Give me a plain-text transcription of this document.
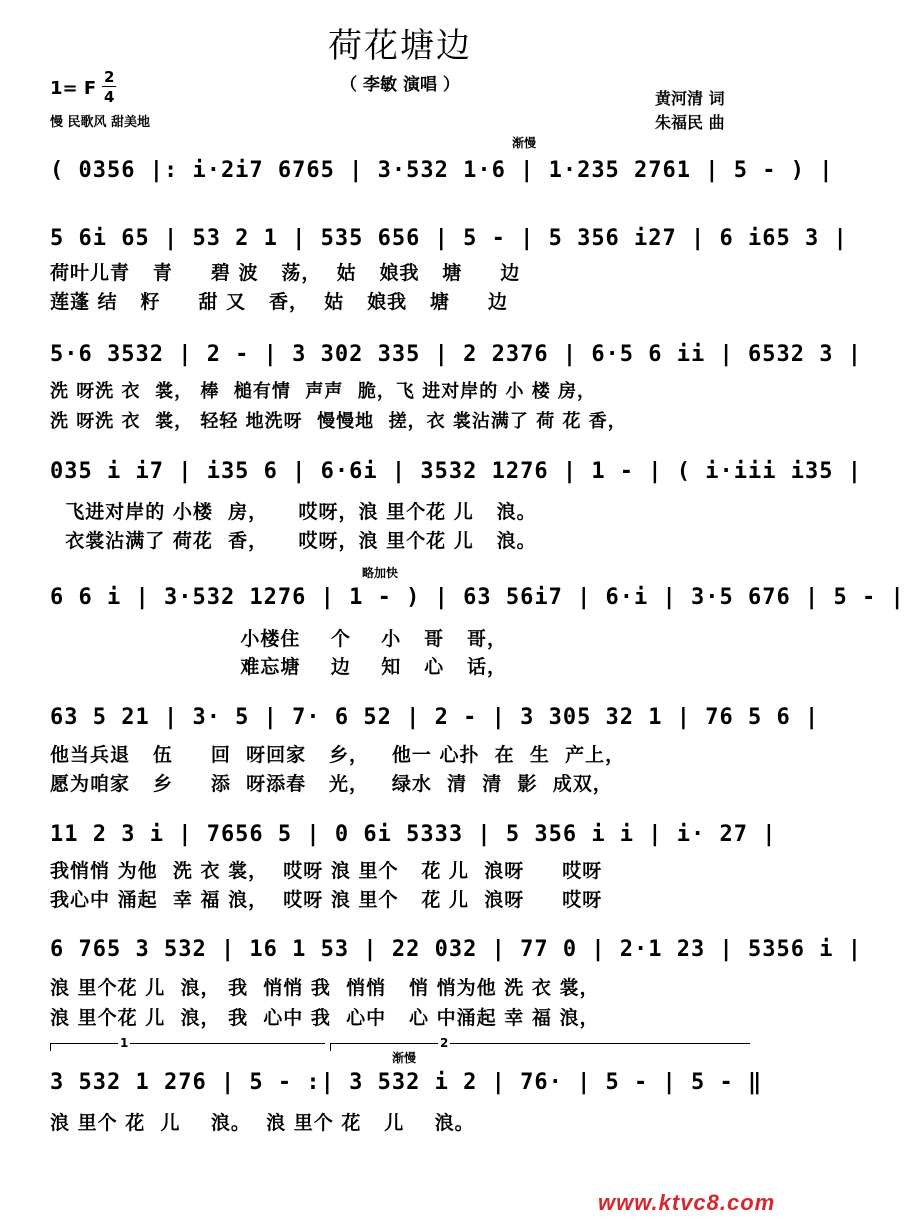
荷花塘边
（ 李敏 演唱 ）
1= F
2
4
慢 民歌风 甜美地
黄河清 词
朱福民 曲
渐慢
( 0356 |: i·2i7 6765 | 3·532 1·6 | 1·235 2761 | 5 - ) |
5 6i 65 | 53 2 1 | 535 656 | 5 - | 5 356 i27 | 6 i65 3 |
荷叶儿青   青     碧 波   荡，  姑   娘我   塘     边
莲蓬 结   籽     甜 又   香，  姑   娘我   塘     边
5·6 3532 | 2 - | 3 302 335 | 2 2376 | 6·5 6 ii | 6532 3 |
洗 呀洗 衣  裳， 棒  槌有情  声声  脆，飞 进对岸的 小 楼 房，
洗 呀洗 衣  裳， 轻轻 地洗呀  慢慢地  搓，衣 裳沾满了 荷 花 香，
035 i i7 | i35 6 | 6·6i | 3532 1276 | 1 - | ( i·iii i35 |
飞进对岸的 小楼  房，    哎呀，浪 里个花 儿   浪。
衣裳沾满了 荷花  香，    哎呀，浪 里个花 儿   浪。
略加快
6 6 i | 3·532 1276 | 1 - ) | 63 56i7 | 6·i | 3·5 676 | 5 - |
小楼住    个    小   哥   哥，
难忘塘    边    知   心   话，
63 5 21 | 3· 5 | 7· 6 52 | 2 - | 3 305 32 1 | 76 5 6 |
他当兵退   伍     回  呀回家   乡，   他一 心扑  在  生  产上，
愿为咱家   乡     添  呀添春   光，   绿水  清  清  影  成双，
11 2 3 i | 7656 5 | 0 6i 5333 | 5 356 i i | i· 27 |
我悄悄 为他  洗 衣 裳，  哎呀 浪 里个   花 儿  浪呀     哎呀
我心中 涌起  幸 福 浪，  哎呀 浪 里个   花 儿  浪呀     哎呀
6 765 3 532 | 16 1 53 | 22 032 | 77 0 | 2·1 23 | 5356 i |
浪 里个花 儿  浪， 我  悄悄 我  悄悄   悄 悄为他 洗 衣 裳，
浪 里个花 儿  浪， 我  心中 我  心中   心 中涌起 幸 福 浪，
1	2
渐慢
3 532 1 276 | 5 - :| 3 532 i 2 | 76· | 5 - | 5 - ‖
浪 里个 花  儿    浪。  浪 里个 花   儿    浪。
www.ktvc8.com
